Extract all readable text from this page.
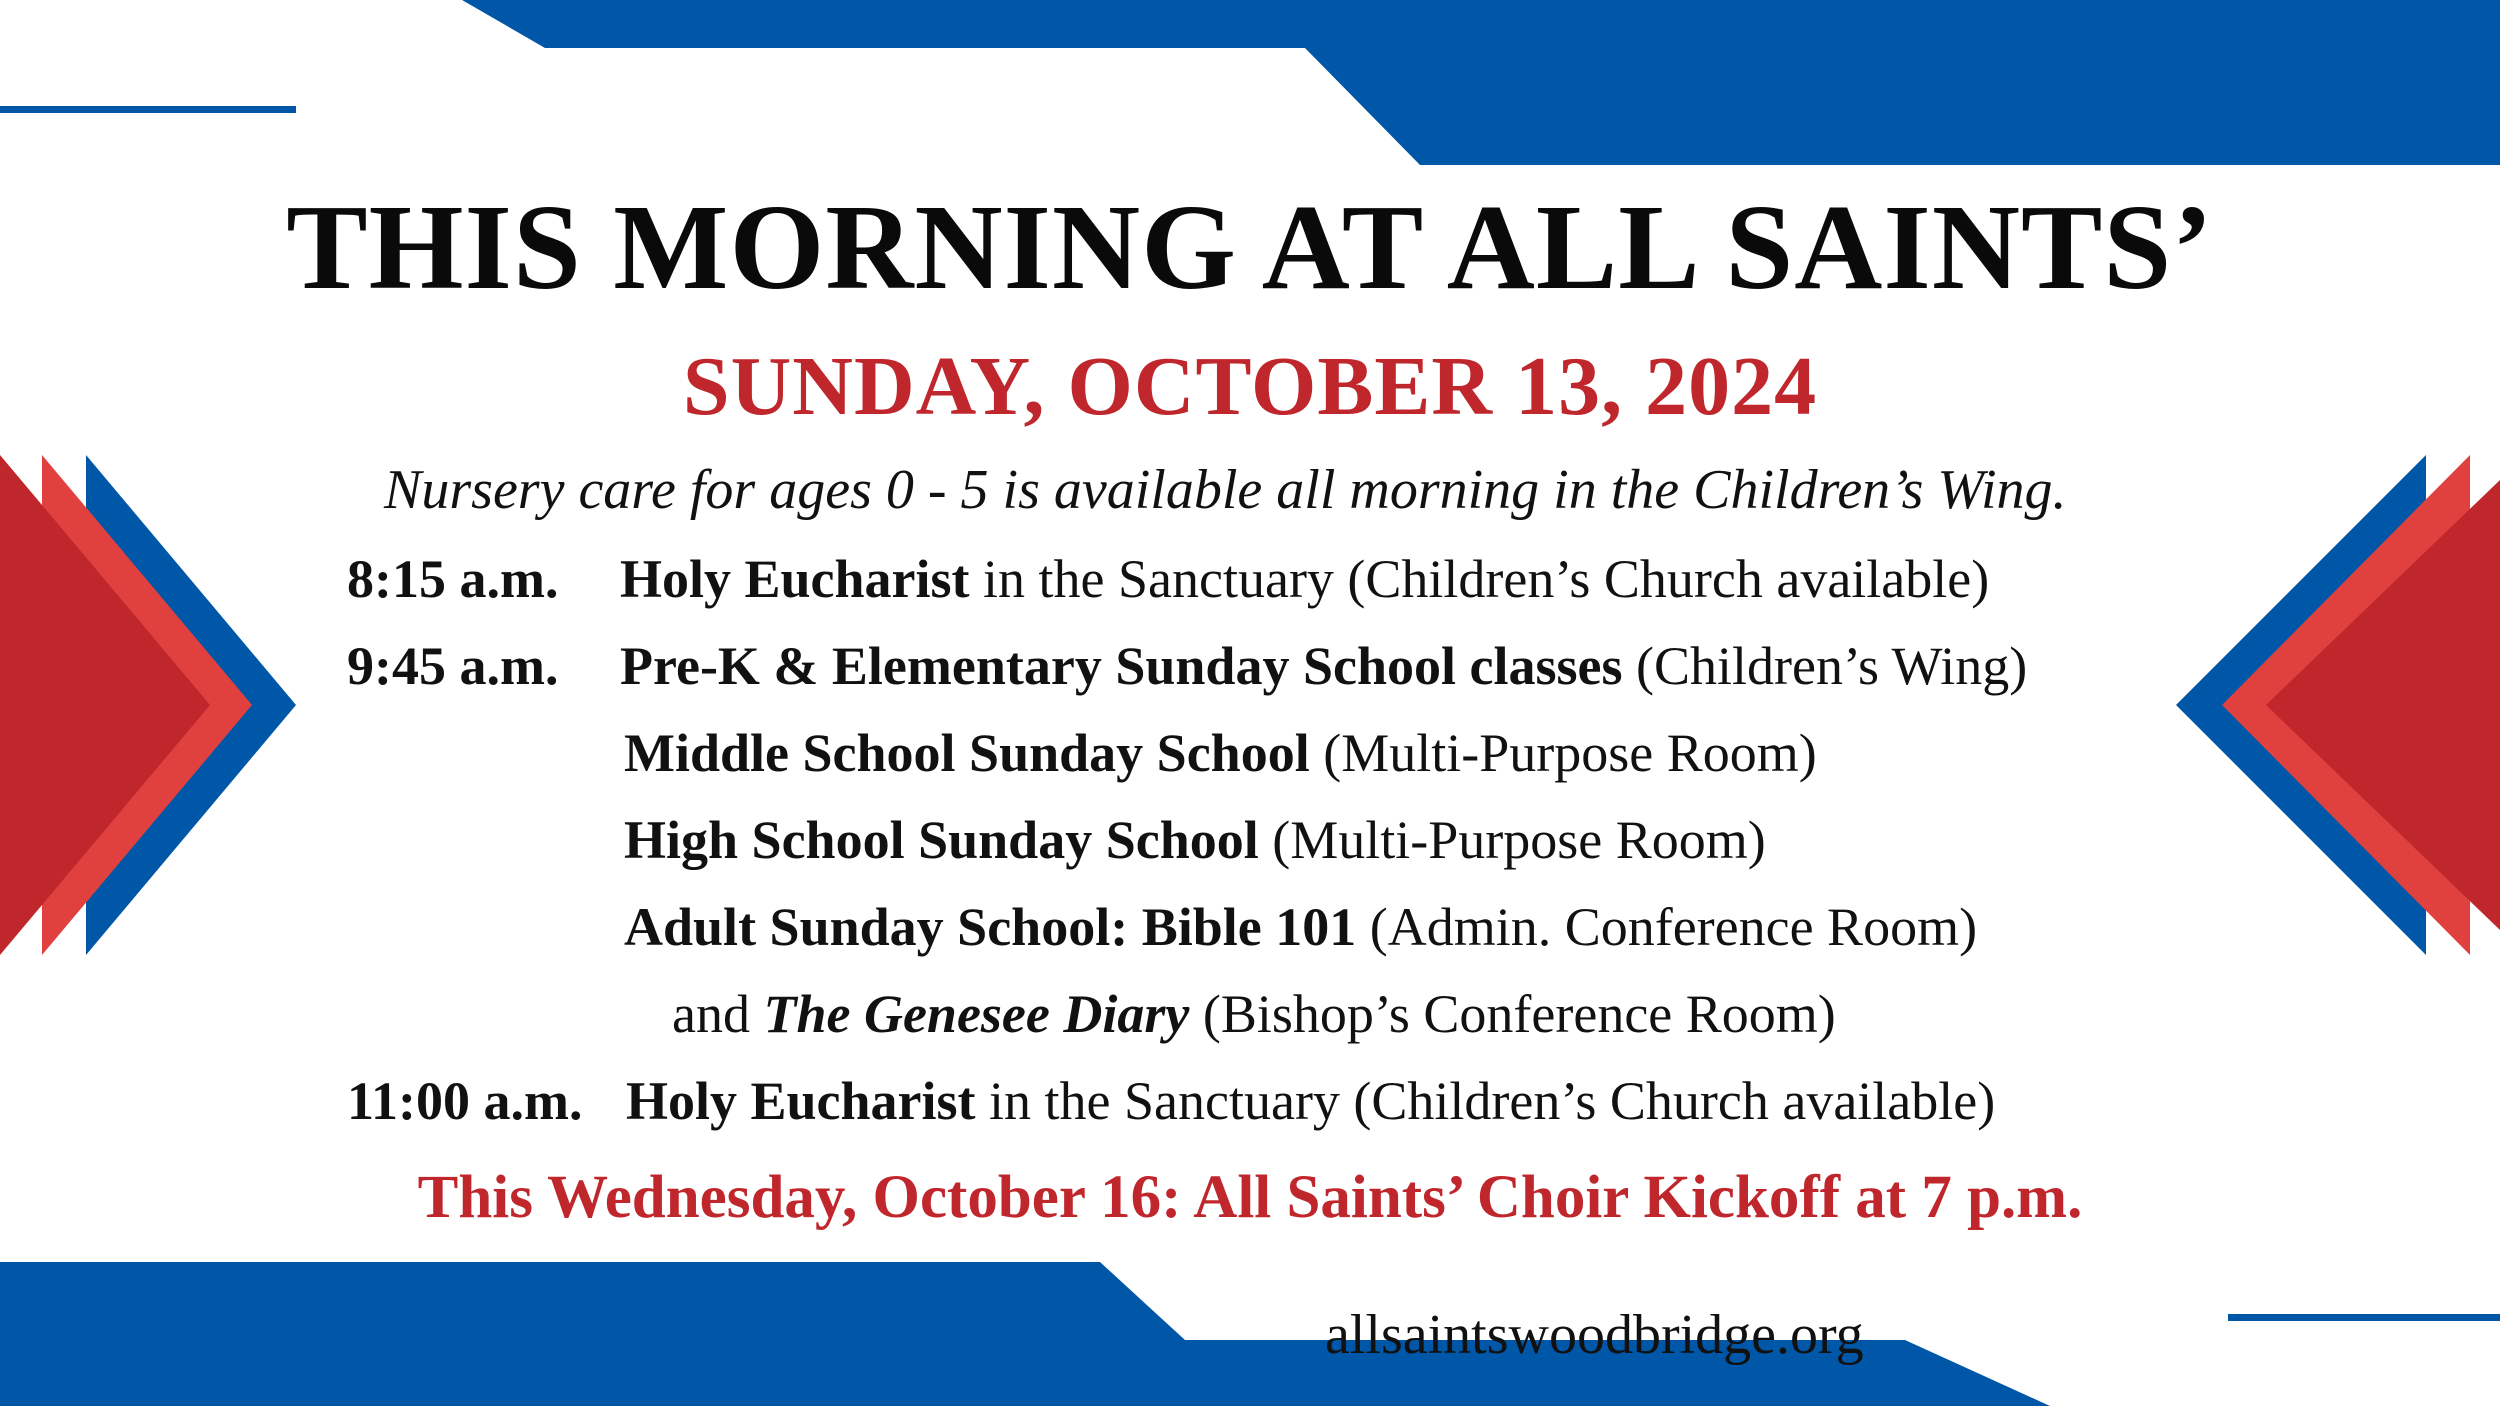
THIS MORNING AT ALL SAINTS’
SUNDAY, OCTOBER 13, 2024
Nursery care for ages 0 - 5 is available all morning in the Children’s Wing.
8:15 a.m. Holy Eucharist in the Sanctuary (Children’s Church available)
9:45 a.m. Pre-K & Elementary Sunday School classes (Children’s Wing)
Middle School Sunday School (Multi-Purpose Room)
High School Sunday School (Multi-Purpose Room)
Adult Sunday School: Bible 101 (Admin. Conference Room)
and The Genesee Diary (Bishop’s Conference Room)
11:00 a.m. Holy Eucharist in the Sanctuary (Children’s Church available)
This Wednesday, October 16: All Saints’ Choir Kickoff at 7 p.m.
allsaintswoodbridge.org
